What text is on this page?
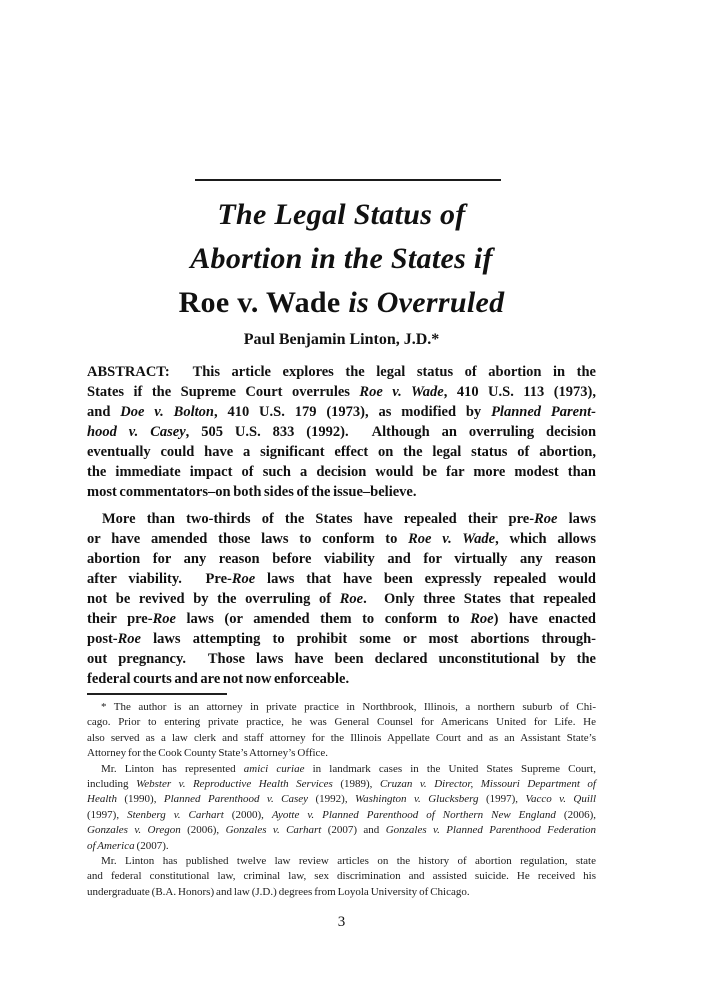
The Legal Status of
Abortion in the States if
Roe v. Wade is Overruled
Paul Benjamin Linton, J.D.*
ABSTRACT:  This article explores the legal status of abortion in the
States if the Supreme Court overrules Roe v. Wade, 410 U.S. 113 (1973),
and Doe v. Bolton, 410 U.S. 179 (1973), as modified by Planned Parent-
hood v. Casey, 505 U.S. 833 (1992).  Although an overruling decision
eventually could have a significant effect on the legal status of abortion,
the immediate impact of such a decision would be far more modest than
most commentators–on both sides of the issue–believe.
More than two-thirds of the States have repealed their pre-Roe laws
or have amended those laws to conform to Roe v. Wade, which allows
abortion for any reason before viability and for virtually any reason
after viability.  Pre-Roe laws that have been expressly repealed would
not be revived by the overruling of Roe.  Only three States that repealed
their pre-Roe laws (or amended them to conform to Roe) have enacted
post-Roe laws attempting to prohibit some or most abortions through-
out pregnancy.  Those laws have been declared unconstitutional by the
federal courts and are not now enforceable.
* The author is an attorney in private practice in Northbrook, Illinois, a northern suburb of Chi-
cago. Prior to entering private practice, he was General Counsel for Americans United for Life. He
also served as a law clerk and staff attorney for the Illinois Appellate Court and as an Assistant State’s
Attorney for the Cook County State’s Attorney’s Office.
Mr. Linton has represented amici curiae in landmark cases in the United States Supreme Court,
including Webster v. Reproductive Health Services (1989), Cruzan v. Director, Missouri Department of
Health (1990), Planned Parenthood v. Casey (1992), Washington v. Glucksberg (1997), Vacco v. Quill
(1997), Stenberg v. Carhart (2000), Ayotte v. Planned Parenthood of Northern New England (2006),
Gonzales v. Oregon (2006), Gonzales v. Carhart (2007) and Gonzales v. Planned Parenthood Federation
of America (2007).
Mr. Linton has published twelve law review articles on the history of abortion regulation, state
and federal constitutional law, criminal law, sex discrimination and assisted suicide. He received his
undergraduate (B.A. Honors) and law (J.D.) degrees from Loyola University of Chicago.
3
